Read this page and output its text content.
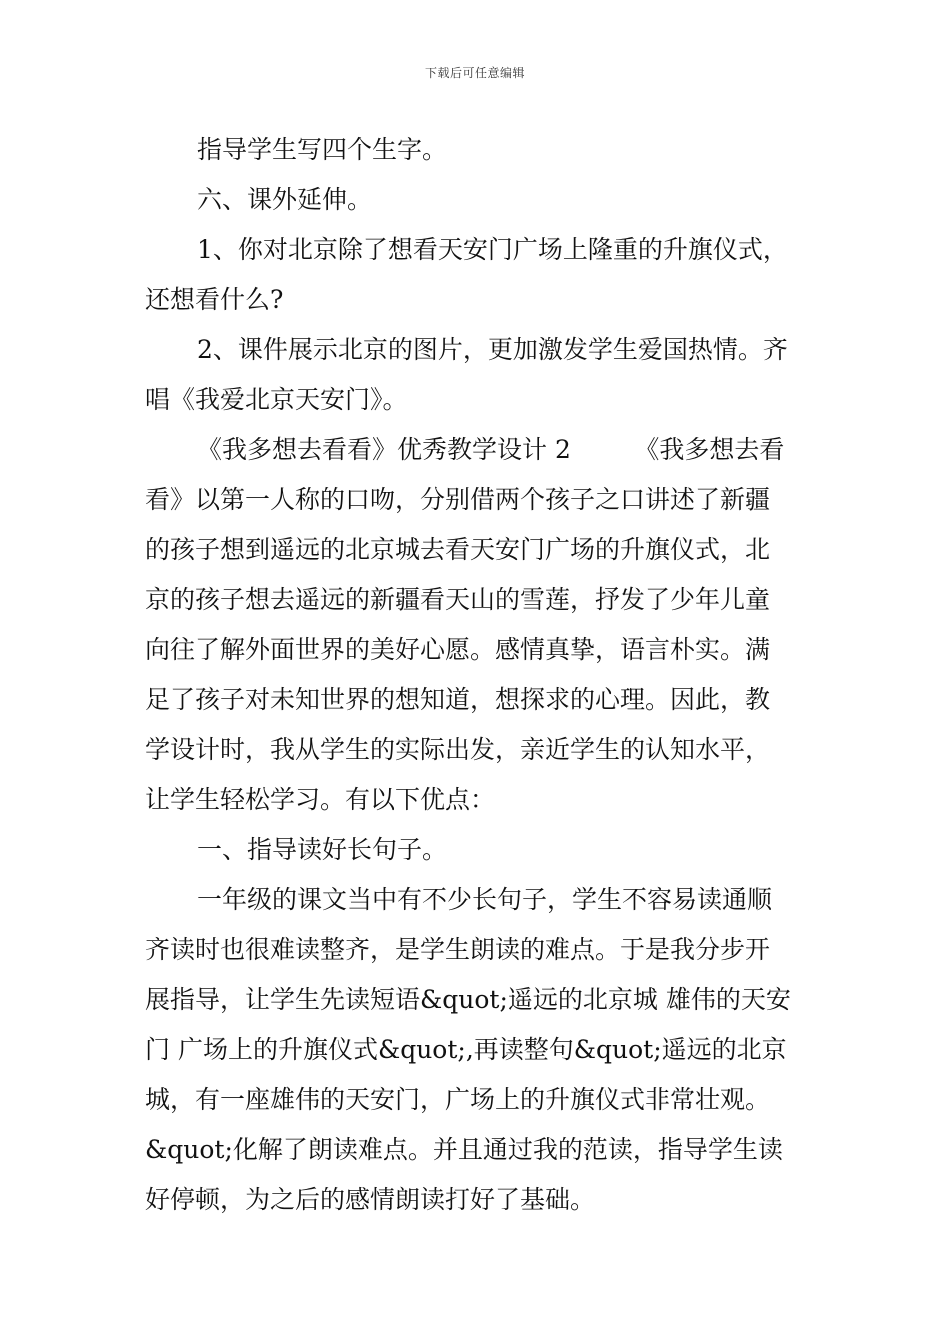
下载后可任意编辑
指导学生写四个生字。
六、课外延伸。
1、你对北京除了想看天安门广场上隆重的升旗仪式，
还想看什么?
2、课件展示北京的图片，更加激发学生爱国热情。齐
唱《我爱北京天安门》。
《我多想去看看》优秀教学设计 2        《我多想去看
看》以第一人称的口吻，分别借两个孩子之口讲述了新疆
的孩子想到遥远的北京城去看天安门广场的升旗仪式，北
京的孩子想去遥远的新疆看天山的雪莲，抒发了少年儿童
向往了解外面世界的美好心愿。感情真挚，语言朴实。满
足了孩子对未知世界的想知道，想探求的心理。因此，教
学设计时，我从学生的实际出发，亲近学生的认知水平，
让学生轻松学习。有以下优点：
一、指导读好长句子。
一年级的课文当中有不少长句子，学生不容易读通顺
齐读时也很难读整齐，是学生朗读的难点。于是我分步开
展指导，让学生先读短语&quot;遥远的北京城 雄伟的天安
门 广场上的升旗仪式&quot;,再读整句&quot;遥远的北京
城，有一座雄伟的天安门，广场上的升旗仪式非常壮观。
&quot;化解了朗读难点。并且通过我的范读，指导学生读
好停顿，为之后的感情朗读打好了基础。
